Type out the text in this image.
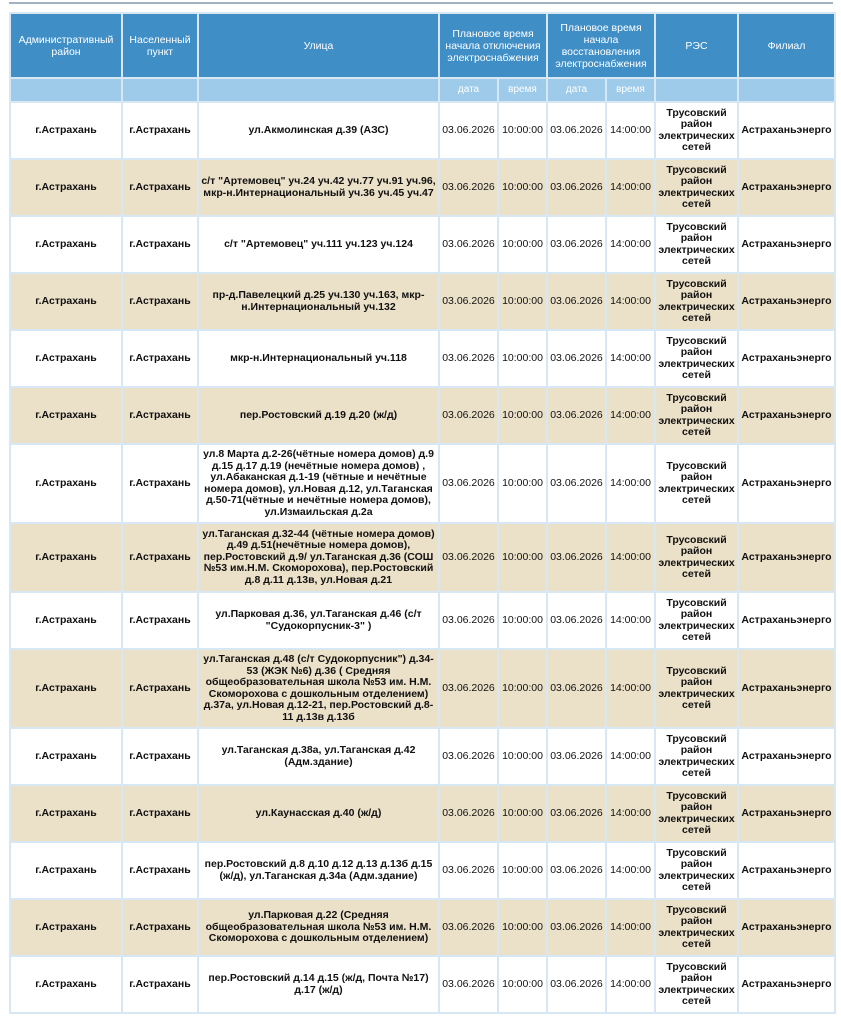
Административный район	Населенный пункт	Улица	Плановое время начала отключения электроснабжения		Плановое время начала восстановления электроснабжения		РЭС	Филиал
			дата	время	дата	время		
г.Астрахань	г.Астрахань	ул.Акмолинская д.39 (АЗС)	03.06.2026	10:00:00	03.06.2026	14:00:00	Трусовский район электрических сетей	Астраханьэнерго
г.Астрахань	г.Астрахань	с/т "Артемовец" уч.24 уч.42 уч.77 уч.91 уч.96, мкр-н.Интернациональный уч.36 уч.45 уч.47	03.06.2026	10:00:00	03.06.2026	14:00:00	Трусовский район электрических сетей	Астраханьэнерго
г.Астрахань	г.Астрахань	с/т "Артемовец" уч.111 уч.123 уч.124	03.06.2026	10:00:00	03.06.2026	14:00:00	Трусовский район электрических сетей	Астраханьэнерго
г.Астрахань	г.Астрахань	пр-д.Павелецкий д.25 уч.130 уч.163, мкр-н.Интернациональный уч.132	03.06.2026	10:00:00	03.06.2026	14:00:00	Трусовский район электрических сетей	Астраханьэнерго
г.Астрахань	г.Астрахань	мкр-н.Интернациональный уч.118	03.06.2026	10:00:00	03.06.2026	14:00:00	Трусовский район электрических сетей	Астраханьэнерго
г.Астрахань	г.Астрахань	пер.Ростовский д.19 д.20 (ж/д)	03.06.2026	10:00:00	03.06.2026	14:00:00	Трусовский район электрических сетей	Астраханьэнерго
г.Астрахань	г.Астрахань	ул.8 Марта д.2-26(чётные номера домов) д.9 д.15 д.17 д.19 (нечётные номера домов) , ул.Абаканская д.1-19 (чётные и нечётные номера домов), ул.Новая д.12, ул.Таганская д.50-71(чётные и нечётные номера домов), ул.Измаильская д.2а	03.06.2026	10:00:00	03.06.2026	14:00:00	Трусовский район электрических сетей	Астраханьэнерго
г.Астрахань	г.Астрахань	ул.Таганская д.32-44 (чётные номера домов) д.49 д.51(нечётные номера домов), пер.Ростовский д.9/ ул.Таганская д.36 (СОШ №53 им.Н.М. Скоморохова), пер.Ростовский д.8 д.11 д.13в, ул.Новая д.21	03.06.2026	10:00:00	03.06.2026	14:00:00	Трусовский район электрических сетей	Астраханьэнерго
г.Астрахань	г.Астрахань	ул.Парковая д.36, ул.Таганская д.46 (с/т "Судокорпусник-3" )	03.06.2026	10:00:00	03.06.2026	14:00:00	Трусовский район электрических сетей	Астраханьэнерго
г.Астрахань	г.Астрахань	ул.Таганская д.48 (с/т Судокорпусник") д.34-53 (ЖЭК №6) д.36 ( Средняя общеобразовательная школа №53 им. Н.М. Скоморохова с дошкольным отделением) д.37а, ул.Новая д.12-21, пер.Ростовский д.8-11 д.13в д.13б	03.06.2026	10:00:00	03.06.2026	14:00:00	Трусовский район электрических сетей	Астраханьэнерго
г.Астрахань	г.Астрахань	ул.Таганская д.38а, ул.Таганская д.42 (Адм.здание)	03.06.2026	10:00:00	03.06.2026	14:00:00	Трусовский район электрических сетей	Астраханьэнерго
г.Астрахань	г.Астрахань	ул.Каунасская д.40 (ж/д)	03.06.2026	10:00:00	03.06.2026	14:00:00	Трусовский район электрических сетей	Астраханьэнерго
г.Астрахань	г.Астрахань	пер.Ростовский д.8 д.10 д.12 д.13 д.13б д.15 (ж/д), ул.Таганская д.34а (Адм.здание)	03.06.2026	10:00:00	03.06.2026	14:00:00	Трусовский район электрических сетей	Астраханьэнерго
г.Астрахань	г.Астрахань	ул.Парковая д.22 (Средняя общеобразовательная школа №53 им. Н.М. Скоморохова с дошкольным отделением)	03.06.2026	10:00:00	03.06.2026	14:00:00	Трусовский район электрических сетей	Астраханьэнерго
г.Астрахань	г.Астрахань	пер.Ростовский д.14 д.15 (ж/д, Почта №17) д.17 (ж/д)	03.06.2026	10:00:00	03.06.2026	14:00:00	Трусовский район электрических сетей	Астраханьэнерго
